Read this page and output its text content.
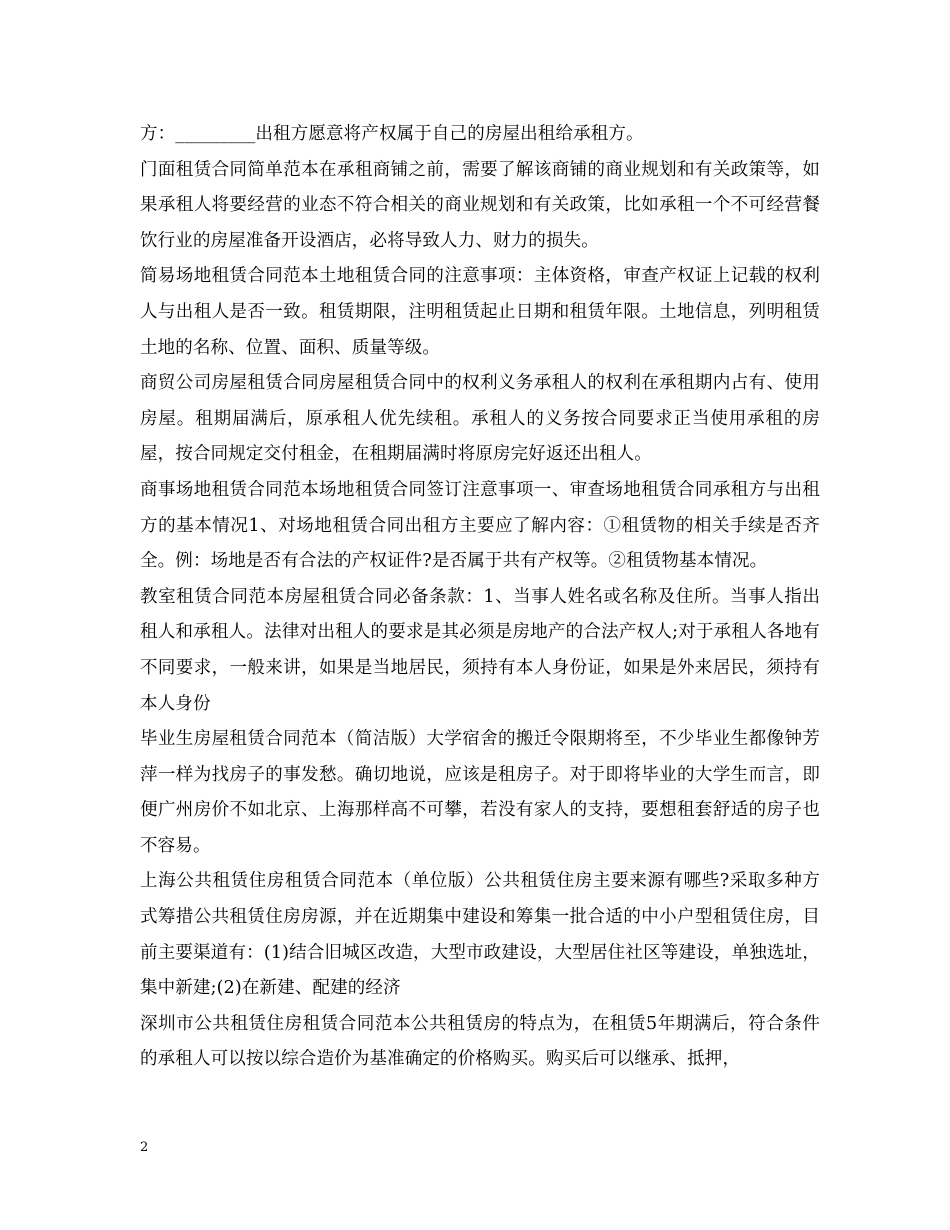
方：_________出租方愿意将产权属于自己的房屋出租给承租方。

门面租赁合同简单范本在承租商铺之前，需要了解该商铺的商业规划和有关政策等，如果承租人将要经营的业态不符合相关的商业规划和有关政策，比如承租一个不可经营餐饮行业的房屋准备开设酒店，必将导致人力、财力的损失。

简易场地租赁合同范本土地租赁合同的注意事项：主体资格，审查产权证上记载的权利人与出租人是否一致。租赁期限，注明租赁起止日期和租赁年限。土地信息，列明租赁土地的名称、位置、面积、质量等级。

商贸公司房屋租赁合同房屋租赁合同中的权利义务承租人的权利在承租期内占有、使用房屋。租期届满后，原承租人优先续租。承租人的义务按合同要求正当使用承租的房屋，按合同规定交付租金，在租期届满时将原房完好返还出租人。

商事场地租赁合同范本场地租赁合同签订注意事项一、审查场地租赁合同承租方与出租方的基本情况1、对场地租赁合同出租方主要应了解内容：①租赁物的相关手续是否齐全。例：场地是否有合法的产权证件?是否属于共有产权等。②租赁物基本情况。

教室租赁合同范本房屋租赁合同必备条款：1、当事人姓名或名称及住所。当事人指出租人和承租人。法律对出租人的要求是其必须是房地产的合法产权人;对于承租人各地有不同要求，一般来讲，如果是当地居民，须持有本人身份证，如果是外来居民，须持有本人身份

毕业生房屋租赁合同范本（简洁版）大学宿舍的搬迁令限期将至，不少毕业生都像钟芳萍一样为找房子的事发愁。确切地说，应该是租房子。对于即将毕业的大学生而言，即便广州房价不如北京、上海那样高不可攀，若没有家人的支持，要想租套舒适的房子也不容易。

上海公共租赁住房租赁合同范本（单位版）公共租赁住房主要来源有哪些?采取多种方式筹措公共租赁住房房源，并在近期集中建设和筹集一批合适的中小户型租赁住房，目前主要渠道有：(1)结合旧城区改造，大型市政建设，大型居住社区等建设，单独选址，集中新建;(2)在新建、配建的经济

深圳市公共租赁住房租赁合同范本公共租赁房的特点为，在租赁5年期满后，符合条件的承租人可以按以综合造价为基准确定的价格购买。购买后可以继承、抵押，

2
